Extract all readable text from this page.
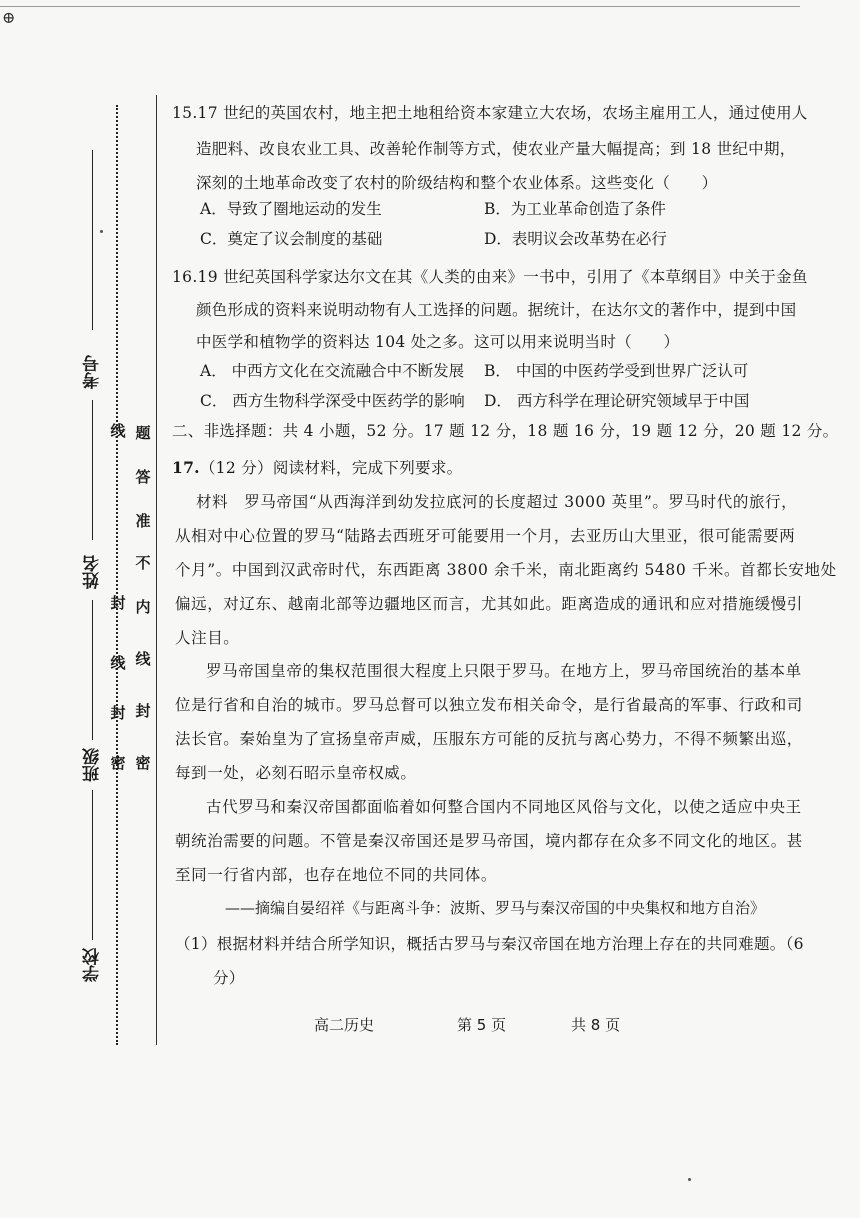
⊕
考号
姓名
班级
学校
密
封
线
内
不
准
答
题
密
封
线
封
线
15.17 世纪的英国农村，地主把土地租给资本家建立大农场，农场主雇用工人，通过使用人
造肥料、改良农业工具、改善轮作制等方式，使农业产量大幅提高；到 18 世纪中期，
深刻的土地革命改变了农村的阶级结构和整个农业体系。这些变化（　　）
A．导致了圈地运动的发生	B．为工业革命创造了条件
C．奠定了议会制度的基础	D．表明议会改革势在必行
16.19 世纪英国科学家达尔文在其《人类的由来》一书中，引用了《本草纲目》中关于金鱼
颜色形成的资料来说明动物有人工选择的问题。据统计，在达尔文的著作中，提到中国
中医学和植物学的资料达 104 处之多。这可以用来说明当时（　　）
A． 中西方文化在交流融合中不断发展 B． 中国的中医药学受到世界广泛认可
C． 西方生物科学深受中医药学的影响 D． 西方科学在理论研究领域早于中国
二、非选择题：共 4 小题，52 分。17 题 12 分，18 题 16 分，19 题 12 分，20 题 12 分。
17.（12 分）阅读材料，完成下列要求。
材料　罗马帝国“从西海洋到幼发拉底河的长度超过 3000 英里”。罗马时代的旅行，
从相对中心位置的罗马“陆路去西班牙可能要用一个月，去亚历山大里亚，很可能需要两
个月”。中国到汉武帝时代，东西距离 3800 余千米，南北距离约 5480 千米。首都长安地处
偏远，对辽东、越南北部等边疆地区而言，尤其如此。距离造成的通讯和应对措施缓慢引
人注目。
罗马帝国皇帝的集权范围很大程度上只限于罗马。在地方上，罗马帝国统治的基本单
位是行省和自治的城市。罗马总督可以独立发布相关命令，是行省最高的军事、行政和司
法长官。秦始皇为了宣扬皇帝声威，压服东方可能的反抗与离心势力，不得不频繁出巡，
每到一处，必刻石昭示皇帝权威。
古代罗马和秦汉帝国都面临着如何整合国内不同地区风俗与文化，以使之适应中央王
朝统治需要的问题。不管是秦汉帝国还是罗马帝国，境内都存在众多不同文化的地区。甚
至同一行省内部，也存在地位不同的共同体。
——摘编自晏绍祥《与距离斗争：波斯、罗马与秦汉帝国的中央集权和地方自治》
（1）根据材料并结合所学知识，概括古罗马与秦汉帝国在地方治理上存在的共同难题。（6
分）
高二历史	第 5 页	共 8 页
